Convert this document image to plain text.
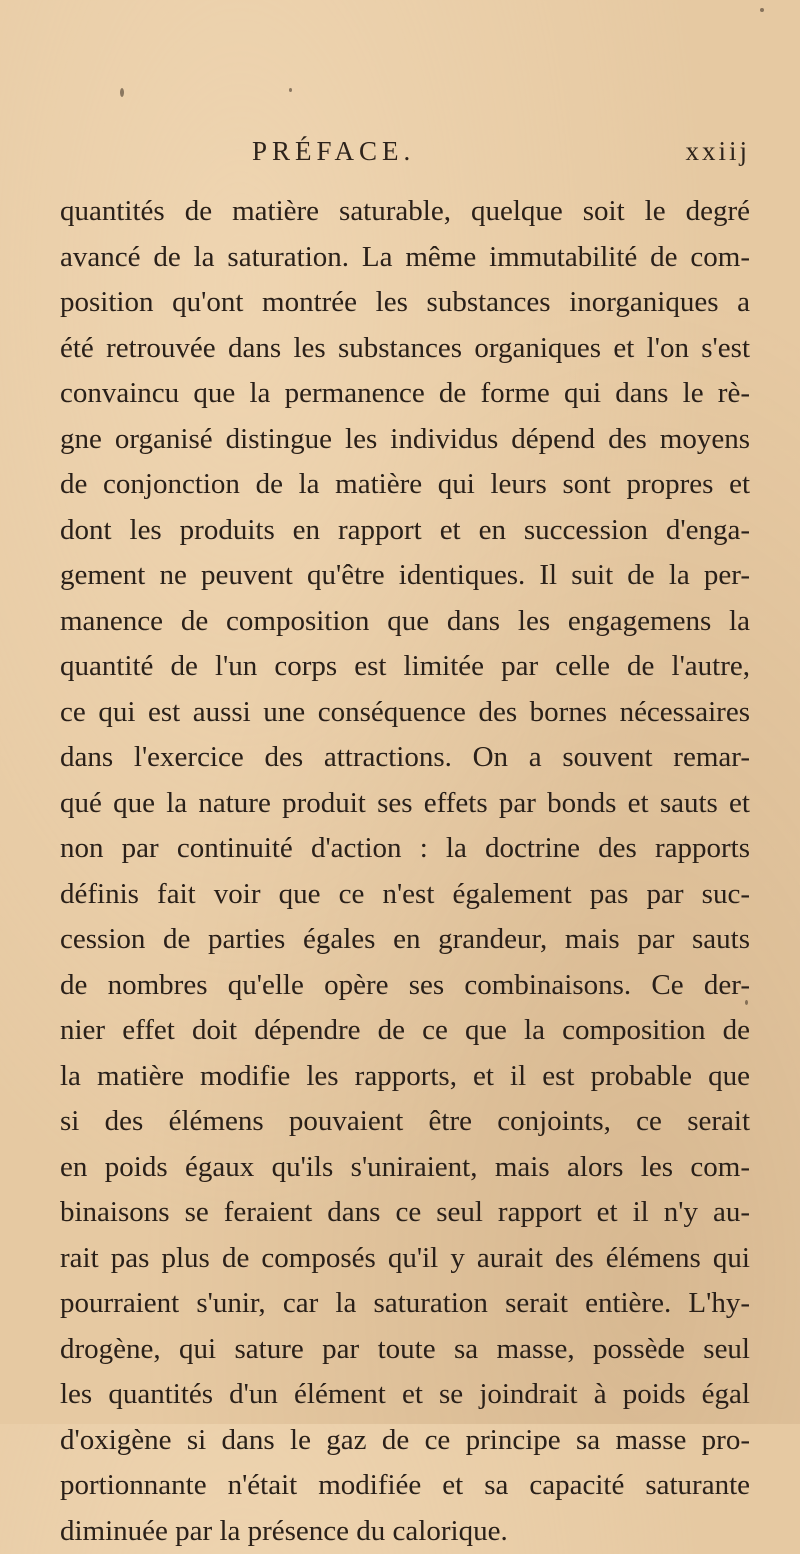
PRÉFACE.	xxiij
quantités de matière saturable, quelque soit le degré
avancé de la saturation. La même immutabilité de com-
position qu'ont montrée les substances inorganiques a
été retrouvée dans les substances organiques et l'on s'est
convaincu que la permanence de forme qui dans le rè-
gne organisé distingue les individus dépend des moyens
de conjonction de la matière qui leurs sont propres et
dont les produits en rapport et en succession d'enga-
gement ne peuvent qu'être identiques. Il suit de la per-
manence de composition que dans les engagemens la
quantité de l'un corps est limitée par celle de l'autre,
ce qui est aussi une conséquence des bornes nécessaires
dans l'exercice des attractions. On a souvent remar-
qué que la nature produit ses effets par bonds et sauts et
non par continuité d'action : la doctrine des rapports
définis fait voir que ce n'est également pas par suc-
cession de parties égales en grandeur, mais par sauts
de nombres qu'elle opère ses combinaisons. Ce der-
nier effet doit dépendre de ce que la composition de
la matière modifie les rapports, et il est probable que
si des élémens pouvaient être conjoints, ce serait
en poids égaux qu'ils s'uniraient, mais alors les com-
binaisons se feraient dans ce seul rapport et il n'y au-
rait pas plus de composés qu'il y aurait des élémens qui
pourraient s'unir, car la saturation serait entière. L'hy-
drogène, qui sature par toute sa masse, possède seul
les quantités d'un élément et se joindrait à poids égal
d'oxigène si dans le gaz de ce principe sa masse pro-
portionnante n'était modifiée et sa capacité saturante
diminuée par la présence du calorique.
